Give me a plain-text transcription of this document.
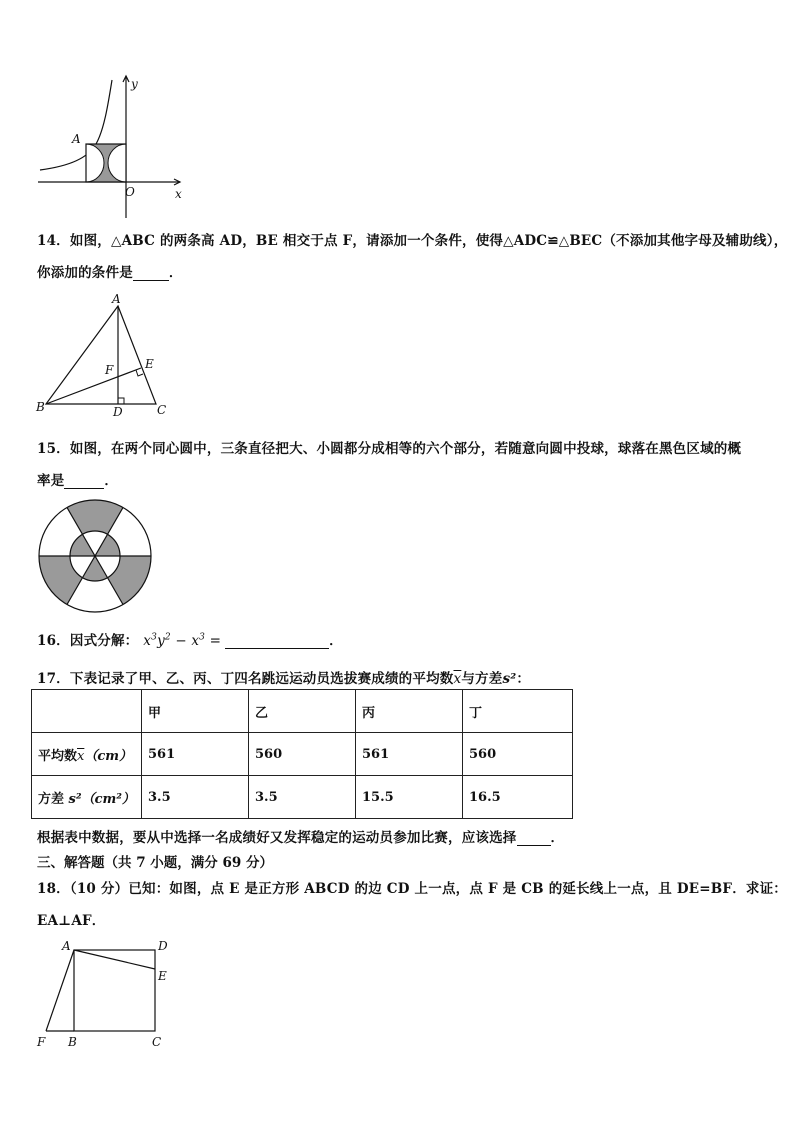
y
A
O	x
14．如图，△ABC 的两条高 AD，BE 相交于点 F，请添加一个条件，使得△ADC≌△BEC（不添加其他字母及辅助线），
你添加的条件是	．
A
B	C
D
E
F
15．如图，在两个同心圆中，三条直径把大、小圆都分成相等的六个部分，若随意向圆中投球，球落在黑色区域的概
率是	．
16．因式分解： $x^3y^2 - x^3$ =	．
17．下表记录了甲、乙、丙、丁四名跳远运动员选拔赛成绩的平均数$\overline{x}$与方差s²：
	甲	乙	丙	丁
平均数$\overline{x}(cm)$	561	560	561	560
方差 s²（cm²）	3.5	3.5	15.5	16.5
根据表中数据，要从中选择一名成绩好又发挥稳定的运动员参加比赛，应该选择	．
三、解答题（共 7 小题，满分 69 分）
18．（10 分）已知：如图，点 E 是正方形 ABCD 的边 CD 上一点，点 F 是 CB 的延长线上一点，且 DE=BF．求证：
EA⊥AF．
A	D
E
F B	C
